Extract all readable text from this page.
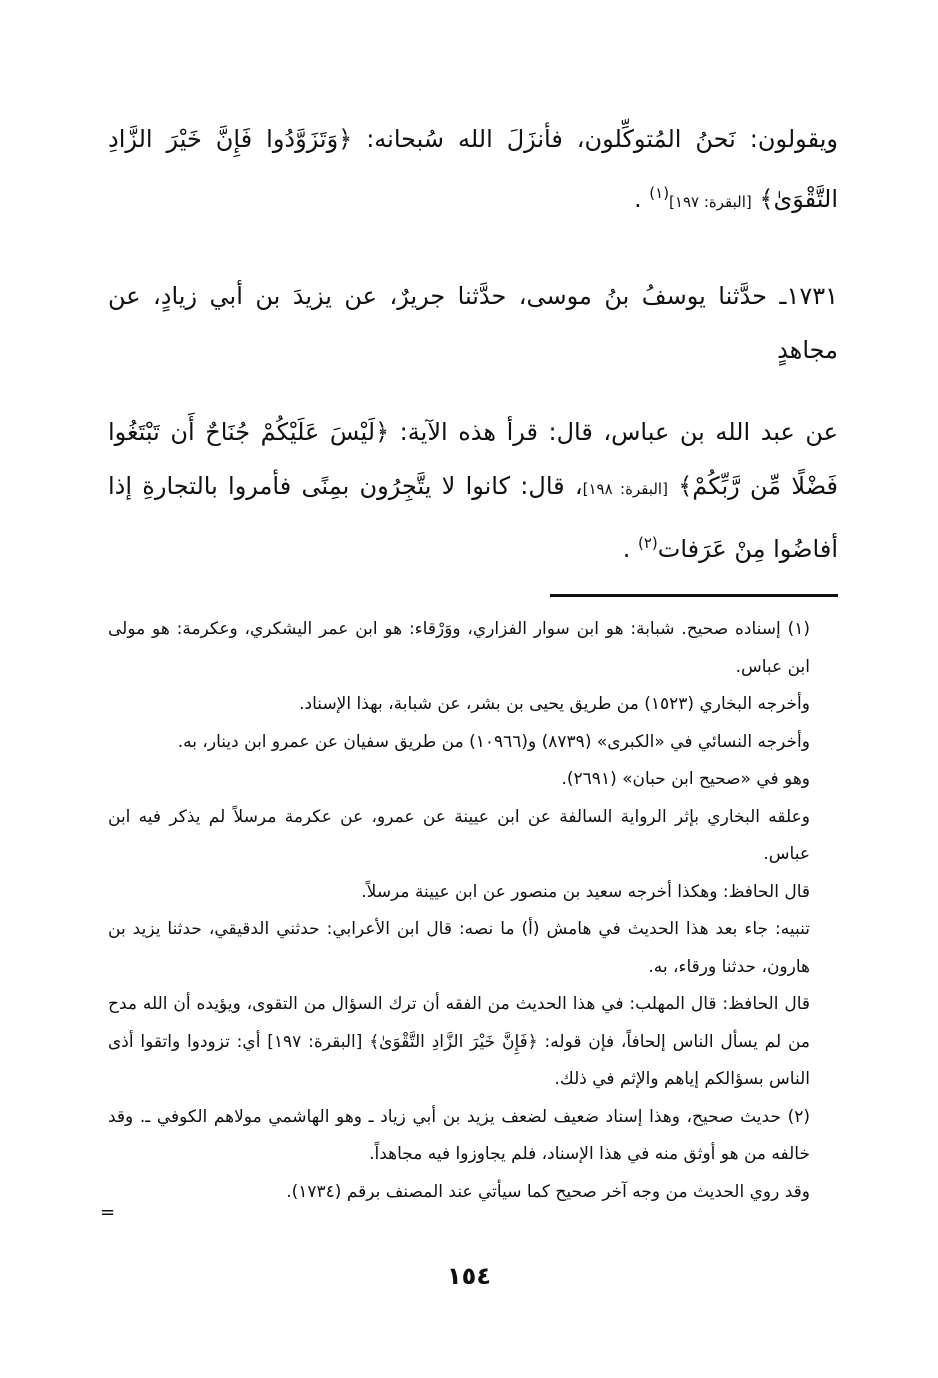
ويقولون: نَحنُ المُتوكِّلون، فأنزَلَ الله سُبحانه: ﴿وَتَزَوَّدُوا فَإِنَّ خَيْرَ الزَّادِ التَّقْوَىٰ﴾ [البقرة: ١٩٧]$^{(١)}$ .

١٧٣١ـ حدَّثنا يوسفُ بنُ موسى، حدَّثنا جريرٌ، عن يزيدَ بن أبي زيادٍ، عن مجاهدٍ

عن عبد الله بن عباس، قال: قرأ هذه الآية: ﴿لَيْسَ عَلَيْكُمْ جُنَاحٌ أَن تَبْتَغُوا فَضْلًا مِّن رَّبِّكُمْ﴾ [البقرة: ١٩٨]، قال: كانوا لا يتَّجِرُون بمِنًى فأمروا بالتجارةِ إذا أفاضُوا مِنْ عَرَفات$^{(٢)}$ .

(١) إسناده صحيح. شبابة: هو ابن سوار الفزاري، ووَرْقاء: هو ابن عمر اليشكري، وعكرمة: هو مولى ابن عباس.

وأخرجه البخاري (١٥٢٣) من طريق يحيى بن بشر، عن شبابة، بهذا الإسناد.

وأخرجه النسائي في «الكبرى» (٨٧٣٩) و(١٠٩٦٦) من طريق سفيان عن عمرو ابن دينار، به.

وهو في «صحيح ابن حبان» (٢٦٩١).

وعلقه البخاري بإثر الرواية السالفة عن ابن عيينة عن عمرو، عن عكرمة مرسلاً لم يذكر فيه ابن عباس.

قال الحافظ: وهكذا أخرجه سعيد بن منصور عن ابن عيينة مرسلاً.

تنبيه: جاء بعد هذا الحديث في هامش (أ) ما نصه: قال ابن الأعرابي: حدثني الدقيقي، حدثنا يزيد بن هارون، حدثنا ورقاء، به.

قال الحافظ: قال المهلب: في هذا الحديث من الفقه أن ترك السؤال من التقوى، ويؤيده أن الله مدح من لم يسأل الناس إلحافاً، فإن قوله: ﴿فَإِنَّ خَيْرَ الزَّادِ التَّقْوَىٰ﴾ [البقرة: ١٩٧] أي: تزودوا واتقوا أذى الناس بسؤالكم إياهم والإثم في ذلك.

(٢) حديث صحيح، وهذا إسناد ضعيف لضعف يزيد بن أبي زياد ـ وهو الهاشمي مولاهم الكوفي ـ. وقد خالفه من هو أوثق منه في هذا الإسناد، فلم يجاوزوا فيه مجاهداً.

وقد روي الحديث من وجه آخر صحيح كما سيأتي عند المصنف برقم (١٧٣٤).

=
١٥٤
